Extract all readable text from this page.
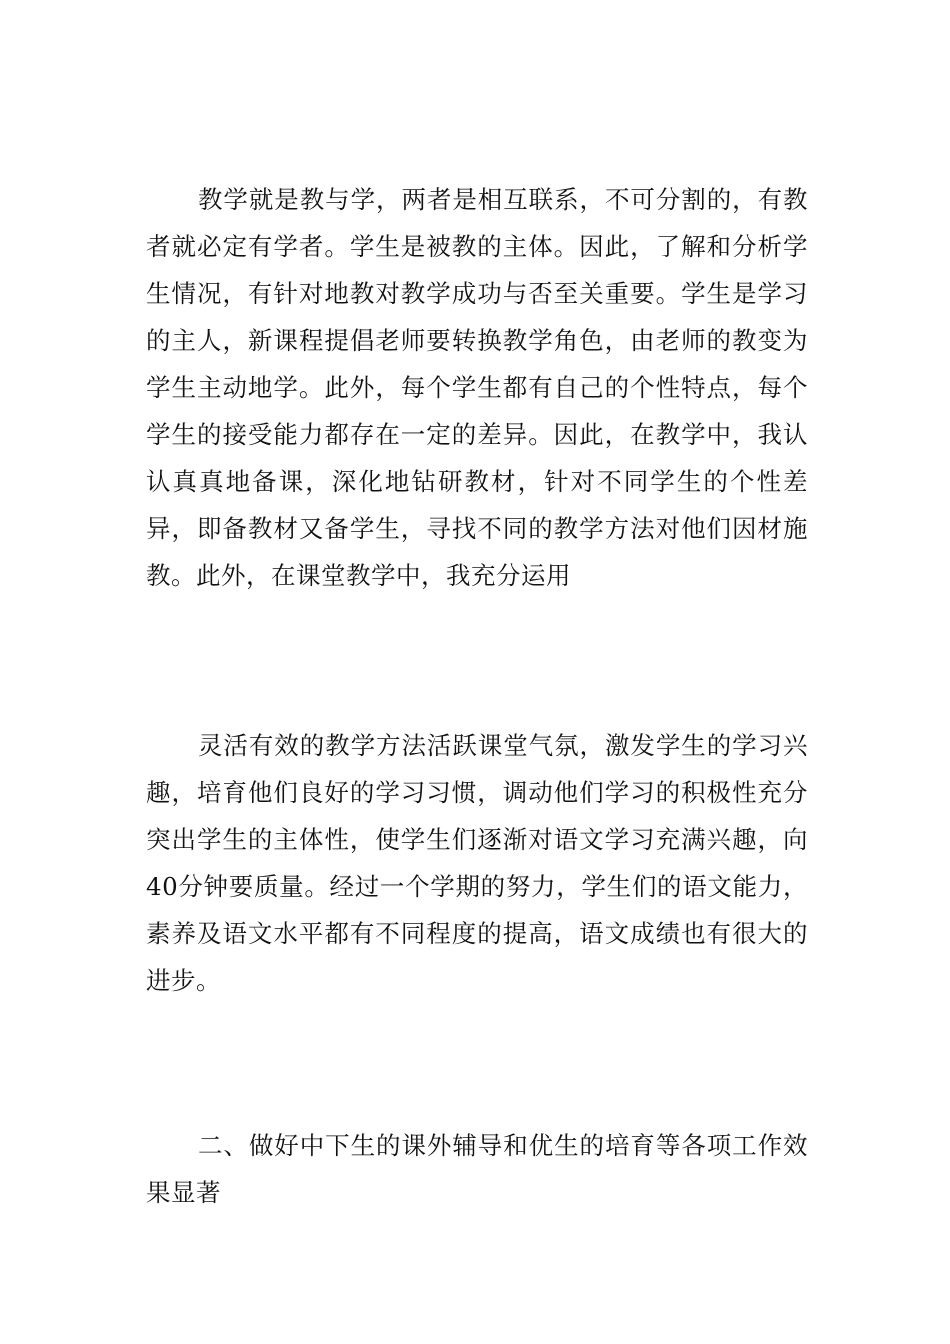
教学就是教与学，两者是相互联系，不可分割的，有教者就必定有学者。学生是被教的主体。因此，了解和分析学生情况，有针对地教对教学成功与否至关重要。学生是学习的主人，新课程提倡老师要转换教学角色，由老师的教变为学生主动地学。此外，每个学生都有自己的个性特点，每个学生的接受能力都存在一定的差异。因此，在教学中，我认认真真地备课，深化地钻研教材，针对不同学生的个性差异，即备教材又备学生，寻找不同的教学方法对他们因材施教。此外，在课堂教学中，我充分运用

灵活有效的教学方法活跃课堂气氛，激发学生的学习兴趣，培育他们良好的学习习惯，调动他们学习的积极性充分突出学生的主体性，使学生们逐渐对语文学习充满兴趣，向40分钟要质量。经过一个学期的努力，学生们的语文能力，素养及语文水平都有不同程度的提高，语文成绩也有很大的进步。

二、做好中下生的课外辅导和优生的培育等各项工作效果显著
